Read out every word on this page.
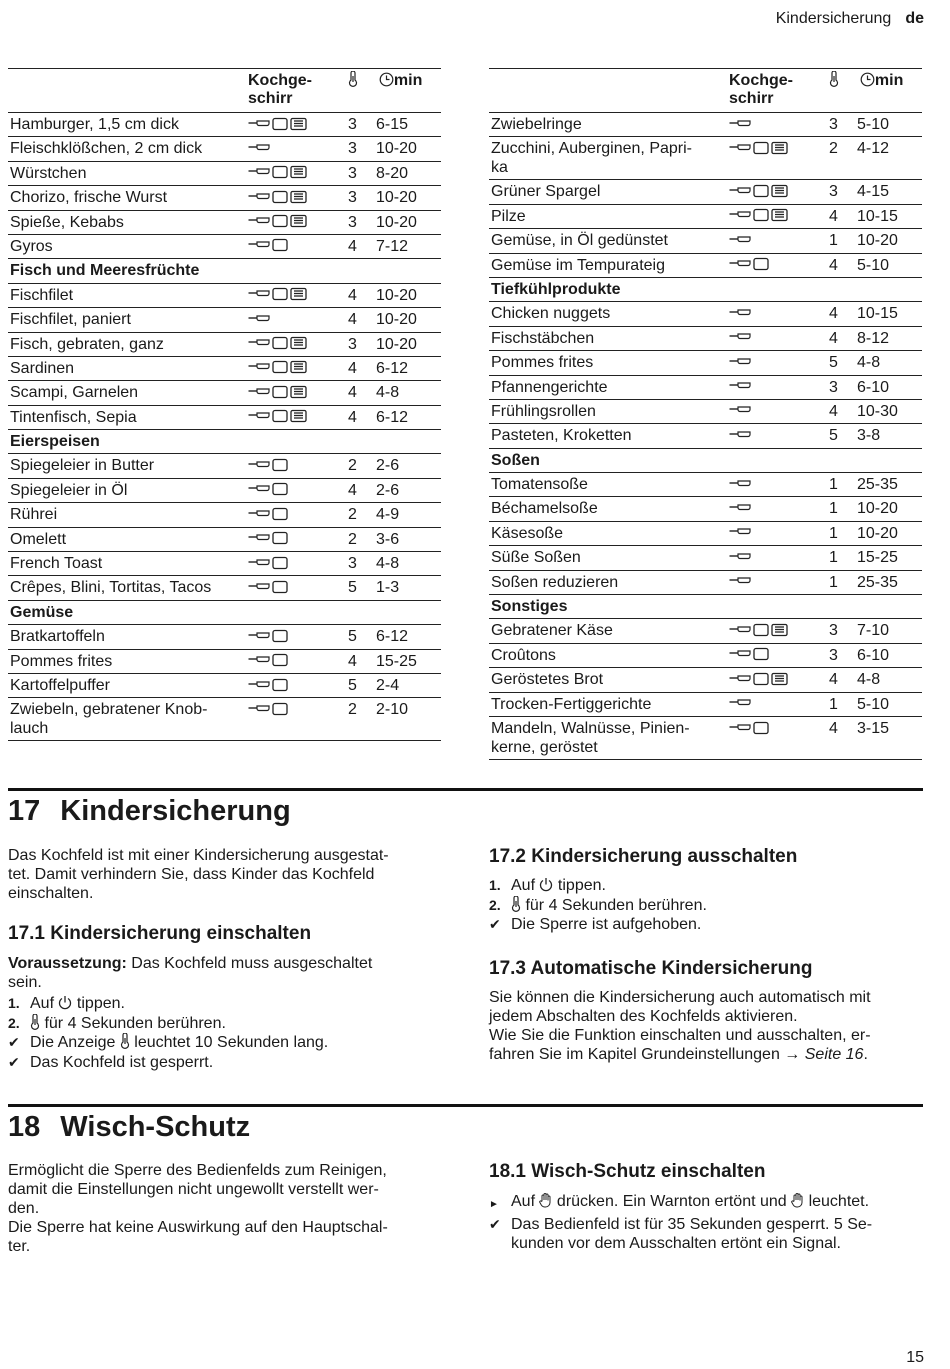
Kindersicherung de
	Kochge-
schirr	min	
Hamburger, 1,5 cm dick		3	6-15
Fleischklößchen, 2 cm dick		3	10-20
Würstchen		3	8-20
Chorizo, frische Wurst		3	10-20
Spieße, Kebabs		3	10-20
Gyros		4	7-12
Fisch und Meeresfrüchte			
Fischfilet		4	10-20
Fischfilet, paniert		4	10-20
Fisch, gebraten, ganz		3	10-20
Sardinen		4	6-12
Scampi, Garnelen		4	4-8
Tintenfisch, Sepia		4	6-12
Eierspeisen			
Spiegeleier in Butter		2	2-6
Spiegeleier in Öl		4	2-6
Rührei		2	4-9
Omelett		2	3-6
French Toast		3	4-8
Crêpes, Blini, Tortitas, Tacos		5	1-3
Gemüse			
Bratkartoffeln		5	6-12
Pommes frites		4	15-25
Kartoffelpuffer		5	2-4
Zwiebeln, gebratener Knob-
lauch		2	2-10
	Kochge-
schirr	min	
Zwiebelringe		3	5-10
Zucchini, Auberginen, Papri-
ka		2	4-12
Grüner Spargel		3	4-15
Pilze		4	10-15
Gemüse, in Öl gedünstet		1	10-20
Gemüse im Tempurateig		4	5-10
Tiefkühlprodukte			
Chicken nuggets		4	10-15
Fischstäbchen		4	8-12
Pommes frites		5	4-8
Pfannengerichte		3	6-10
Frühlingsrollen		4	10-30
Pasteten, Kroketten		5	3-8
Soßen			
Tomatensoße		1	25-35
Béchamelsoße		1	10-20
Käsesoße		1	10-20
Süße Soßen		1	15-25
Soßen reduzieren		1	25-35
Sonstiges			
Gebratener Käse		3	7-10
Croûtons		3	6-10
Geröstetes Brot		4	4-8
Trocken-Fertiggerichte		1	5-10
Mandeln, Walnüsse, Pinien-
kerne, geröstet		4	3-15
17 Kindersicherung
Das Kochfeld ist mit einer Kindersicherung ausgestat-
tet. Damit verhindern Sie, dass Kinder das Kochfeld
einschalten.
17.1 Kindersicherung einschalten
Voraussetzung: Das Kochfeld muss ausgeschaltet
sein.
1. Auf  tippen.
2.	für 4 Sekunden berühren.
✔ Die Anzeige  leuchtet 10 Sekunden lang.
✔ Das Kochfeld ist gesperrt.
17.2 Kindersicherung ausschalten
1. Auf  tippen.
2.	für 4 Sekunden berühren.
✔ Die Sperre ist aufgehoben.
17.3 Automatische Kindersicherung
Sie können die Kindersicherung auch automatisch mit
jedem Abschalten des Kochfelds aktivieren.
Wie Sie die Funktion einschalten und ausschalten, er-
fahren Sie im Kapitel Grundeinstellungen → Seite 16.
18 Wisch-Schutz
Ermöglicht die Sperre des Bedienfelds zum Reinigen,
damit die Einstellungen nicht ungewollt verstellt wer-
den.
Die Sperre hat keine Auswirkung auf den Hauptschal-
ter.
18.1 Wisch-Schutz einschalten
► Auf  drücken. Ein Warnton ertönt und  leuchtet.
✔ Das Bedienfeld ist für 35 Sekunden gesperrt. 5 Se-
kunden vor dem Ausschalten ertönt ein Signal.
15
